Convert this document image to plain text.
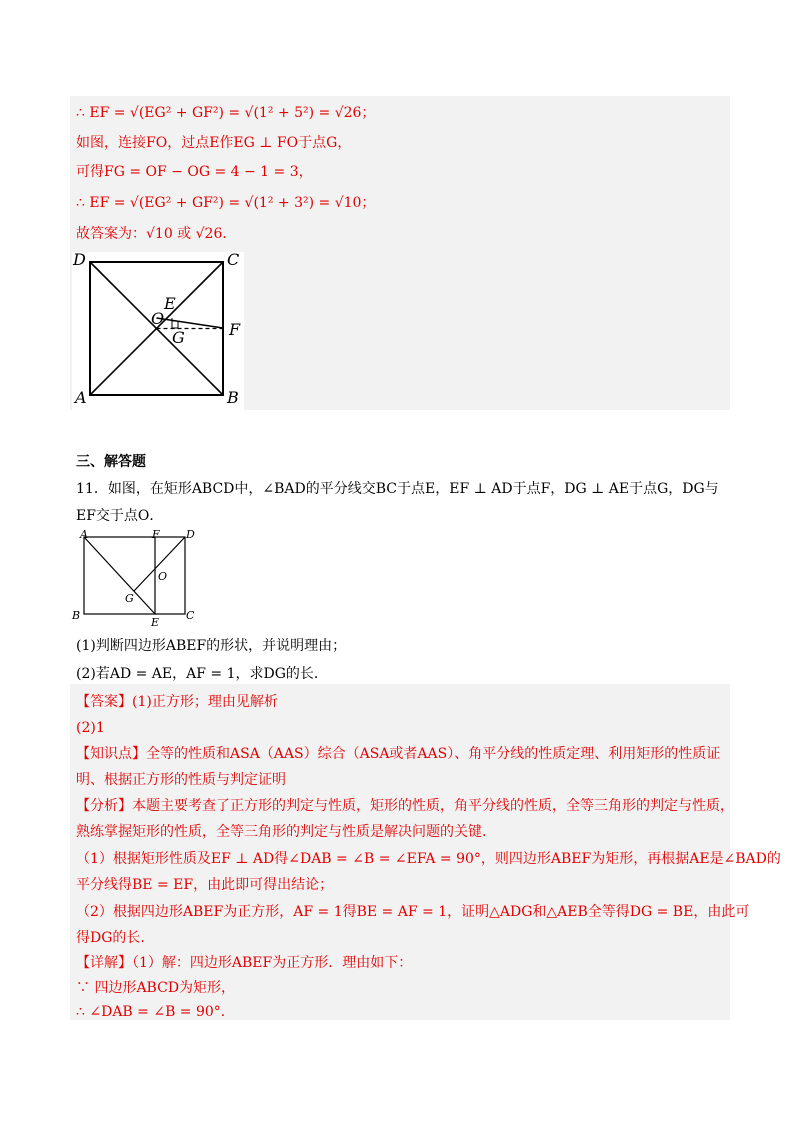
∴ EF = √(EG² + GF²) = √(1² + 5²) = √26；
如图，连接FO，过点E作EG ⊥ FO于点G，
可得FG = OF − OG = 4 − 1 = 3，
∴ EF = √(EG² + GF²) = √(1² + 3²) = √10；
故答案为：√10 或 √26．
D	C
E
O
F
G
A	B
三、解答题
11．如图，在矩形ABCD中，∠BAD的平分线交BC于点E，EF ⊥ AD于点F，DG ⊥ AE于点G，DG与
EF交于点O．
A	F D
O
G
B
E
C
(1)判断四边形ABEF的形状，并说明理由；
(2)若AD = AE，AF = 1，求DG的长．
【答案】(1)正方形；理由见解析
(2)1
【知识点】全等的性质和ASA（AAS）综合（ASA或者AAS）、角平分线的性质定理、利用矩形的性质证
明、根据正方形的性质与判定证明
【分析】本题主要考查了正方形的判定与性质，矩形的性质，角平分线的性质，全等三角形的判定与性质，
熟练掌握矩形的性质，全等三角形的判定与性质是解决问题的关键．
（1）根据矩形性质及EF ⊥ AD得∠DAB = ∠B = ∠EFA = 90°，则四边形ABEF为矩形，再根据AE是∠BAD的
平分线得BE = EF，由此即可得出结论；
（2）根据四边形ABEF为正方形，AF = 1得BE = AF = 1，证明△ADG和△AEB全等得DG = BE，由此可
得DG的长．
【详解】（1）解：四边形ABEF为正方形．理由如下：
∵ 四边形ABCD为矩形，
∴ ∠DAB = ∠B = 90°．
